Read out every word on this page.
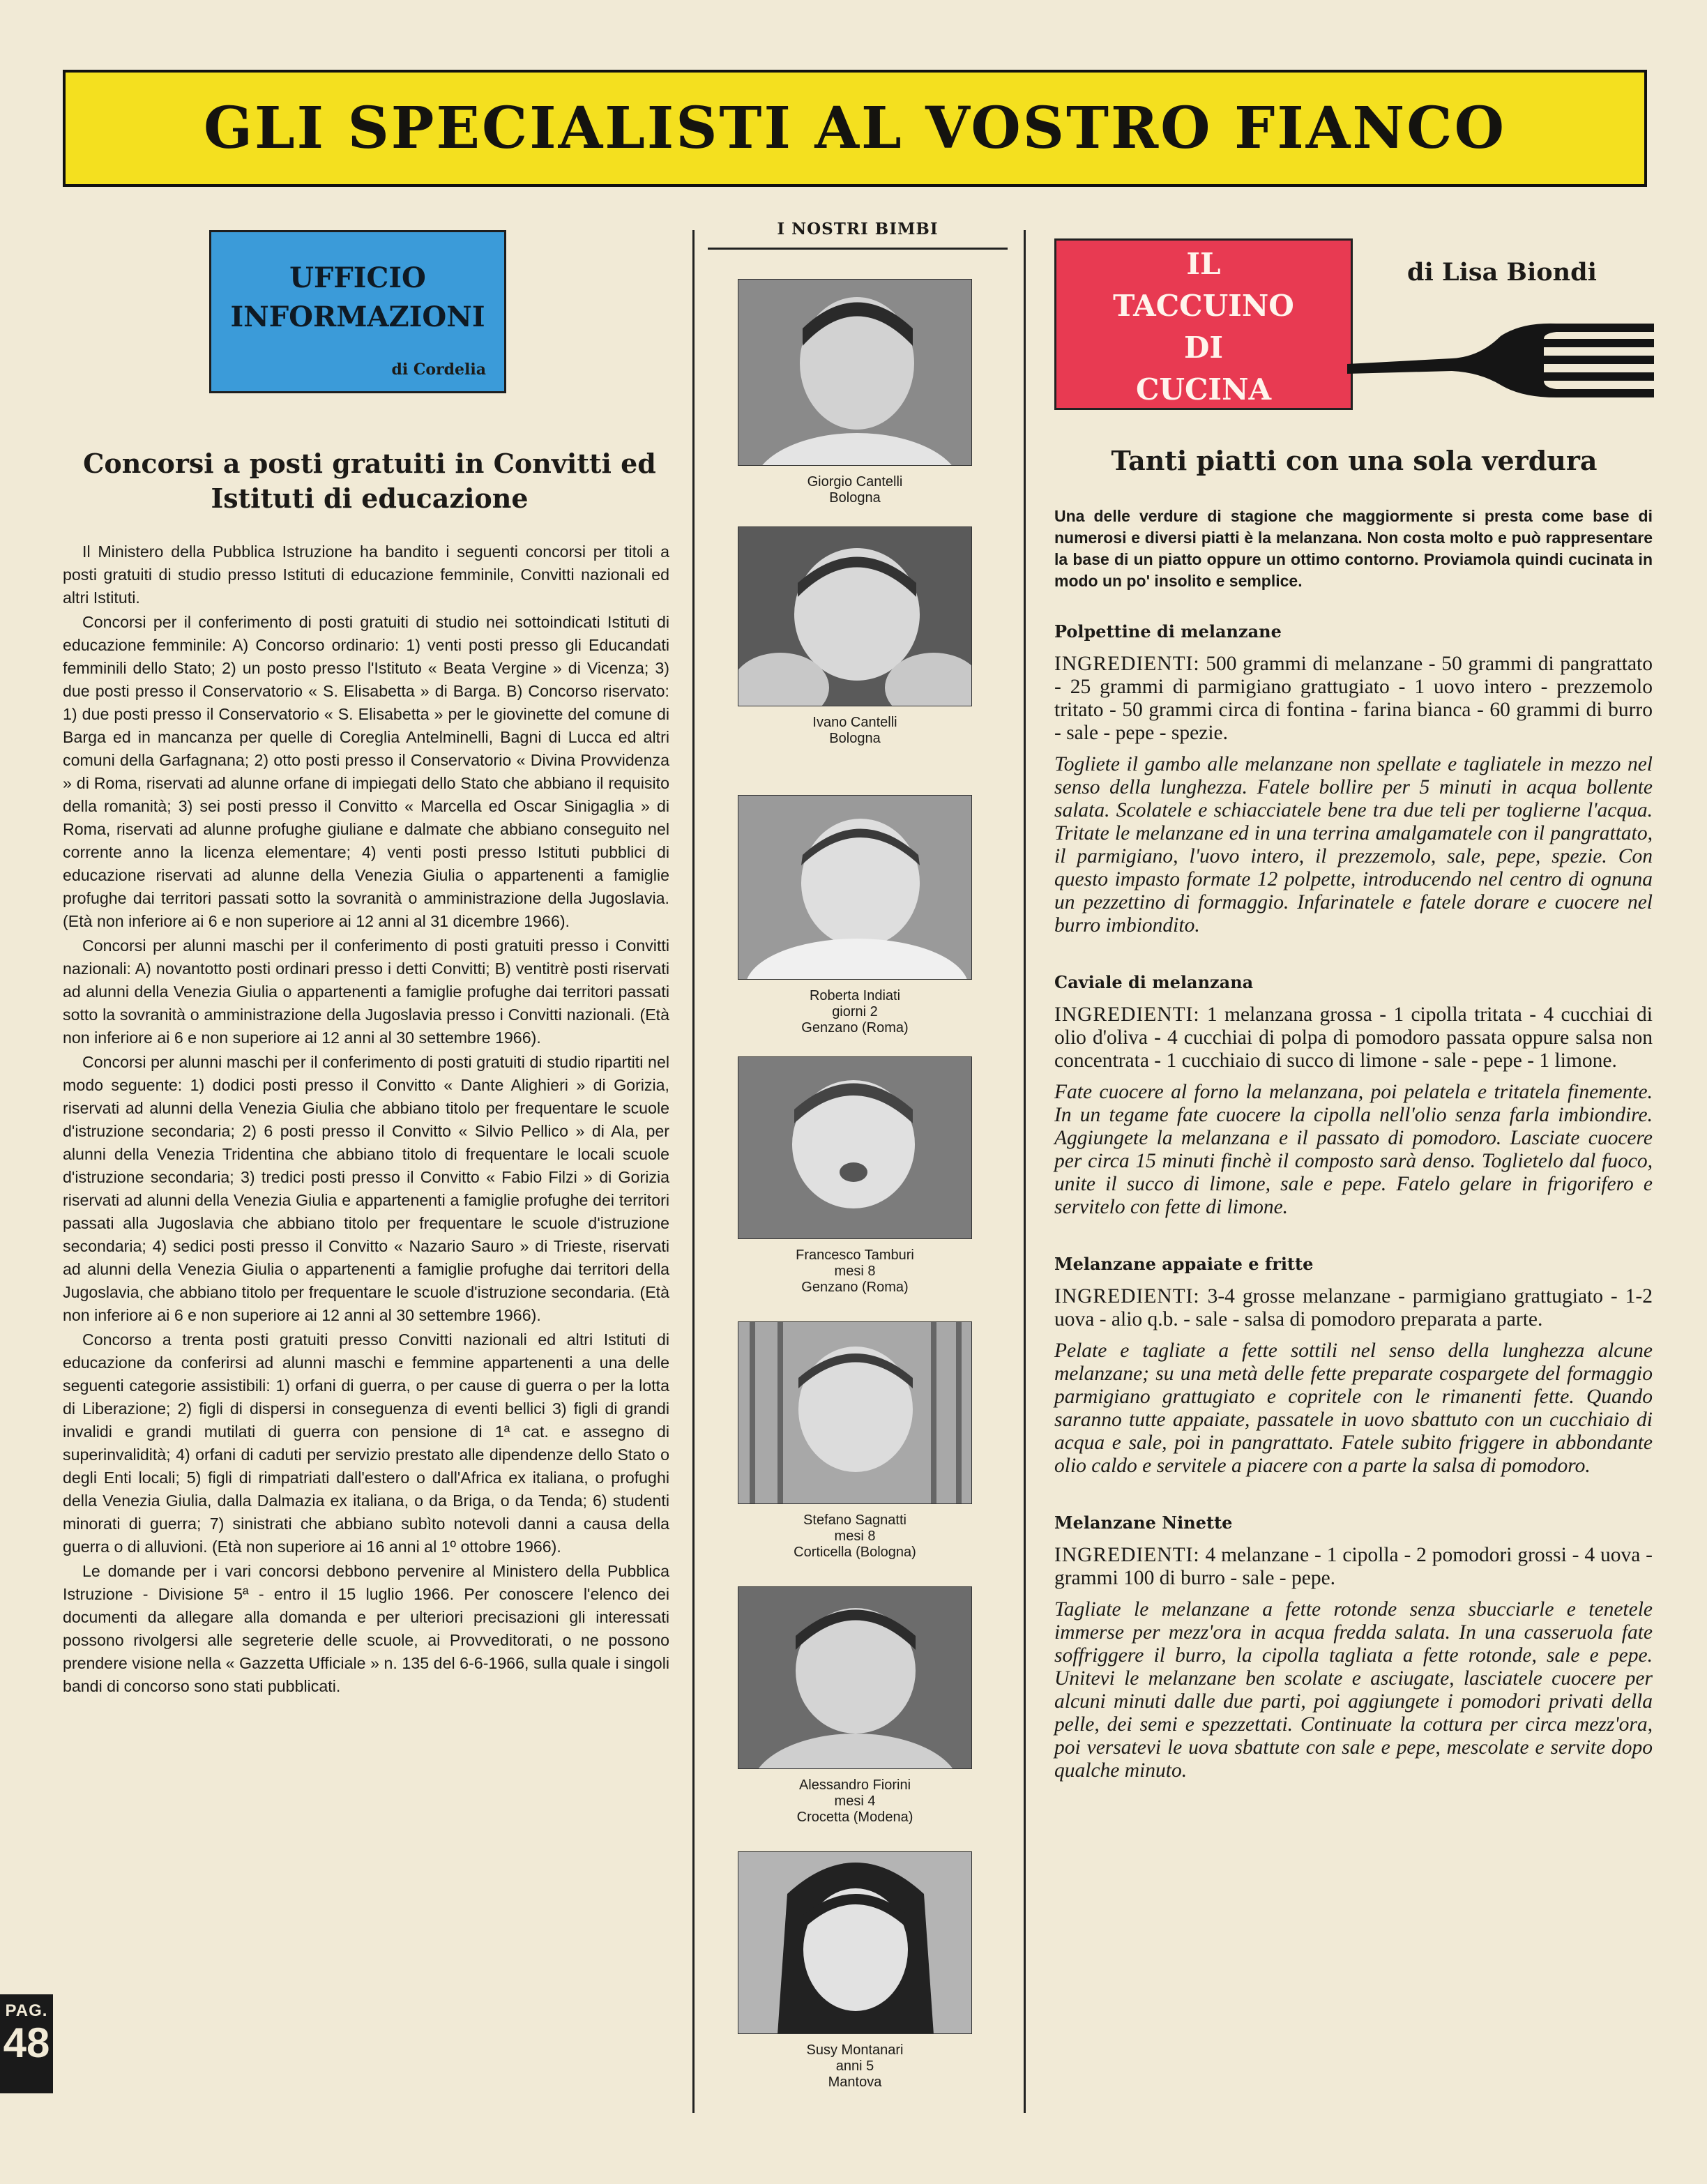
GLI SPECIALISTI AL VOSTRO FIANCO
UFFICIO INFORMAZIONI
di Cordelia
Concorsi a posti gratuiti in Convitti ed Istituti di educazione

Il Ministero della Pubblica Istruzione ha bandito i seguenti concorsi per titoli a posti gratuiti di studio presso Istituti di educazione femminile, Convitti nazionali ed altri Istituti.

Concorsi per il conferimento di posti gratuiti di studio nei sottoindicati Istituti di educazione femminile: A) Concorso ordinario: 1) venti posti presso gli Educandati femminili dello Stato; 2) un posto presso l'Istituto « Beata Vergine » di Vicenza; 3) due posti presso il Conservatorio « S. Elisabetta » di Barga. B) Concorso riservato: 1) due posti presso il Conservatorio « S. Elisabetta » per le giovinette del comune di Barga ed in mancanza per quelle di Coreglia Antelminelli, Bagni di Lucca ed altri comuni della Garfagnana; 2) otto posti presso il Conservatorio « Divina Provvidenza » di Roma, riservati ad alunne orfane di impiegati dello Stato che abbiano il requisito della romanità; 3) sei posti presso il Convitto « Marcella ed Oscar Sinigaglia » di Roma, riservati ad alunne profughe giuliane e dalmate che abbiano conseguito nel corrente anno la licenza elementare; 4) venti posti presso Istituti pubblici di educazione riservati ad alunne della Venezia Giulia o appartenenti a famiglie profughe dai territori passati sotto la sovranità o amministrazione della Jugoslavia. (Età non inferiore ai 6 e non superiore ai 12 anni al 31 dicembre 1966).

Concorsi per alunni maschi per il conferimento di posti gratuiti presso i Convitti nazionali: A) novantotto posti ordinari presso i detti Convitti; B) ventitrè posti riservati ad alunni della Venezia Giulia o appartenenti a famiglie profughe dai territori passati sotto la sovranità o amministrazione della Jugoslavia presso i Convitti nazionali. (Età non inferiore ai 6 e non superiore ai 12 anni al 30 settembre 1966).

Concorsi per alunni maschi per il conferimento di posti gratuiti di studio ripartiti nel modo seguente: 1) dodici posti presso il Convitto « Dante Alighieri » di Gorizia, riservati ad alunni della Venezia Giulia che abbiano titolo per frequentare le scuole d'istruzione secondaria; 2) 6 posti presso il Convitto « Silvio Pellico » di Ala, per alunni della Venezia Tridentina che abbiano titolo di frequentare le locali scuole d'istruzione secondaria; 3) tredici posti presso il Convitto « Fabio Filzi » di Gorizia riservati ad alunni della Venezia Giulia e appartenenti a famiglie profughe dei territori passati alla Jugoslavia che abbiano titolo per frequentare le scuole d'istruzione secondaria; 4) sedici posti presso il Convitto « Nazario Sauro » di Trieste, riservati ad alunni della Venezia Giulia o appartenenti a famiglie profughe dai territori della Jugoslavia, che abbiano titolo per frequentare le scuole d'istruzione secondaria. (Età non inferiore ai 6 e non superiore ai 12 anni al 30 settembre 1966).

Concorso a trenta posti gratuiti presso Convitti nazionali ed altri Istituti di educazione da conferirsi ad alunni maschi e femmine appartenenti a una delle seguenti categorie assistibili: 1) orfani di guerra, o per cause di guerra o per la lotta di Liberazione; 2) figli di dispersi in conseguenza di eventi bellici 3) figli di grandi invalidi e grandi mutilati di guerra con pensione di 1ª cat. e assegno di superinvalidità; 4) orfani di caduti per servizio prestato alle dipendenze dello Stato o degli Enti locali; 5) figli di rimpatriati dall'estero o dall'Africa ex italiana, o profughi della Venezia Giulia, dalla Dalmazia ex italiana, o da Briga, o da Tenda; 6) studenti minorati di guerra; 7) sinistrati che abbiano subìto notevoli danni a causa della guerra o di alluvioni. (Età non superiore ai 16 anni al 1º ottobre 1966).

Le domande per i vari concorsi debbono pervenire al Ministero della Pubblica Istruzione - Divisione 5ª - entro il 15 luglio 1966. Per conoscere l'elenco dei documenti da allegare alla domanda e per ulteriori precisazioni gli interessati possono rivolgersi alle segreterie delle scuole, ai Provveditorati, o ne possono prendere visione nella « Gazzetta Ufficiale » n. 135 del 6-6-1966, sulla quale i singoli bandi di concorso sono stati pubblicati.

PAG.
48
I NOSTRI BIMBI
Giorgio Cantelli
Bologna
Ivano Cantelli
Bologna
Roberta Indiati
giorni 2
Genzano (Roma)
Francesco Tamburi
mesi 8
Genzano (Roma)
Stefano Sagnatti
mesi 8
Corticella (Bologna)
Alessandro Fiorini
mesi 4
Crocetta (Modena)
Susy Montanari
anni 5
Mantova
IL
TACCUINO
DI
CUCINA
di Lisa Biondi
Tanti piatti con una sola verdura

Una delle verdure di stagione che maggiormente si presta come base di numerosi e diversi piatti è la melanzana. Non costa molto e può rappresentare la base di un piatto oppure un ottimo contorno. Proviamola quindi cucinata in modo un po' insolito e semplice.

Polpettine di melanzane

INGREDIENTI: 500 grammi di melanzane - 50 grammi di pangrattato - 25 grammi di parmigiano grattugiato - 1 uovo intero - prezzemolo tritato - 50 grammi circa di fontina - farina bianca - 60 grammi di burro - sale - pepe - spezie.

Togliete il gambo alle melanzane non spellate e tagliatele in mezzo nel senso della lunghezza. Fatele bollire per 5 minuti in acqua bollente salata. Scolatele e schiacciatele bene tra due teli per toglierne l'acqua. Tritate le melanzane ed in una terrina amalgamatele con il pangrattato, il parmigiano, l'uovo intero, il prezzemolo, sale, pepe, spezie. Con questo impasto formate 12 polpette, introducendo nel centro di ognuna un pezzettino di formaggio. Infarinatele e fatele dorare e cuocere nel burro imbiondito.

Caviale di melanzana

INGREDIENTI: 1 melanzana grossa - 1 cipolla tritata - 4 cucchiai di olio d'oliva - 4 cucchiai di polpa di pomodoro passata oppure salsa non concentrata - 1 cucchiaio di succo di limone - sale - pepe - 1 limone.

Fate cuocere al forno la melanzana, poi pelatela e tritatela finemente. In un tegame fate cuocere la cipolla nell'olio senza farla imbiondire. Aggiungete la melanzana e il passato di pomodoro. Lasciate cuocere per circa 15 minuti finchè il composto sarà denso. Toglietelo dal fuoco, unite il succo di limone, sale e pepe. Fatelo gelare in frigorifero e servitelo con fette di limone.

Melanzane appaiate e fritte

INGREDIENTI: 3-4 grosse melanzane - parmigiano grattugiato - 1-2 uova - alio q.b. - sale - salsa di pomodoro preparata a parte.

Pelate e tagliate a fette sottili nel senso della lunghezza alcune melanzane; su una metà delle fette preparate cospargete del formaggio parmigiano grattugiato e copritele con le rimanenti fette. Quando saranno tutte appaiate, passatele in uovo sbattuto con un cucchiaio di acqua e sale, poi in pangrattato. Fatele subito friggere in abbondante olio caldo e servitele a piacere con a parte la salsa di pomodoro.

Melanzane Ninette

INGREDIENTI: 4 melanzane - 1 cipolla - 2 pomodori grossi - 4 uova - grammi 100 di burro - sale - pepe.

Tagliate le melanzane a fette rotonde senza sbucciarle e tenetele immerse per mezz'ora in acqua fredda salata. In una casseruola fate soffriggere il burro, la cipolla tagliata a fette rotonde, sale e pepe. Unitevi le melanzane ben scolate e asciugate, lasciatele cuocere per alcuni minuti dalle due parti, poi aggiungete i pomodori privati della pelle, dei semi e spezzettati. Continuate la cottura per circa mezz'ora, poi versatevi le uova sbattute con sale e pepe, mescolate e servite dopo qualche minuto.
